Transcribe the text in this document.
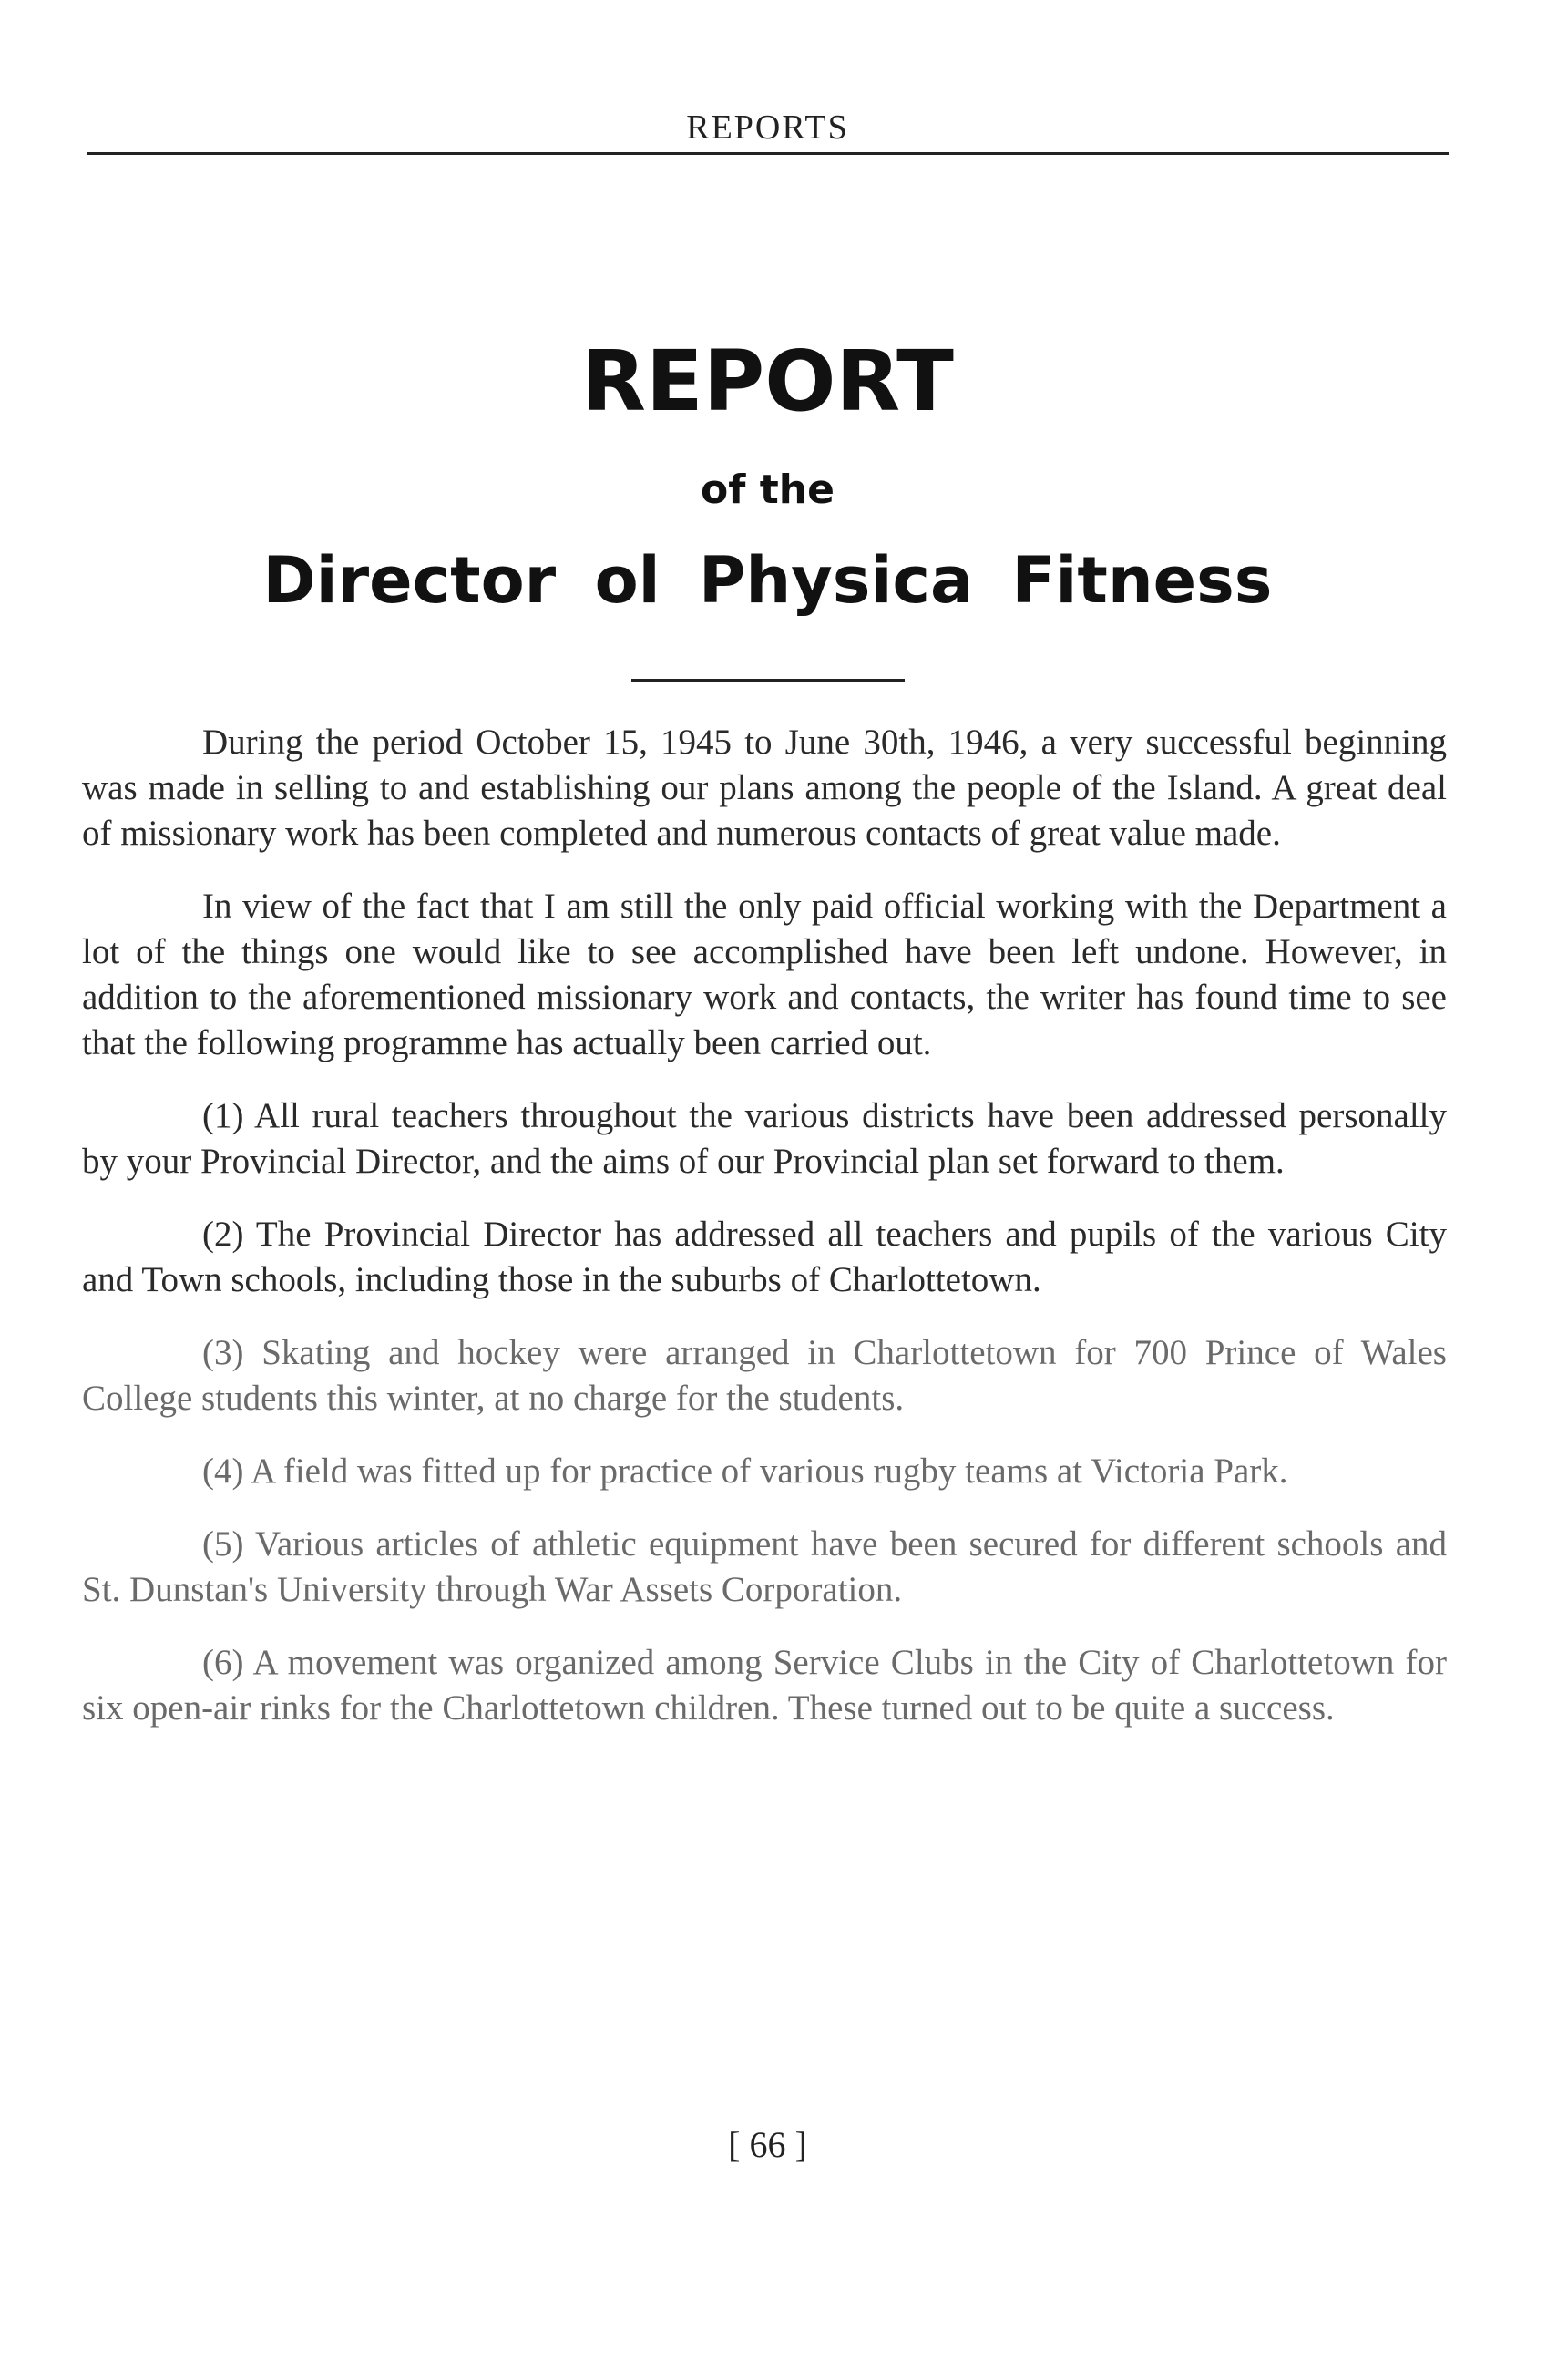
REPORTS
REPORT
of the
Director ol Physica Fitness

During the period October 15, 1945 to June 30th, 1946, a very successful beginning was made in selling to and establishing our plans among the people of the Island. A great deal of missionary work has been completed and numerous contacts of great value made.

In view of the fact that I am still the only paid official working with the Department a lot of the things one would like to see accomplished have been left undone. However, in addition to the aforementioned missionary work and contacts, the writer has found time to see that the following programme has actually been carried out.

(1) All rural teachers throughout the various districts have been addressed personally by your Provincial Director, and the aims of our Provincial plan set forward to them.

(2) The Provincial Director has addressed all teachers and pupils of the various City and Town schools, including those in the suburbs of Charlottetown.

(3) Skating and hockey were arranged in Charlottetown for 700 Prince of Wales College students this winter, at no charge for the students.

(4) A field was fitted up for practice of various rugby teams at Victoria Park.

(5) Various articles of athletic equipment have been secured for different schools and St. Dunstan's University through War Assets Corporation.

(6) A movement was organized among Service Clubs in the City of Charlottetown for six open-air rinks for the Charlottetown children. These turned out to be quite a success.

[ 66 ]
